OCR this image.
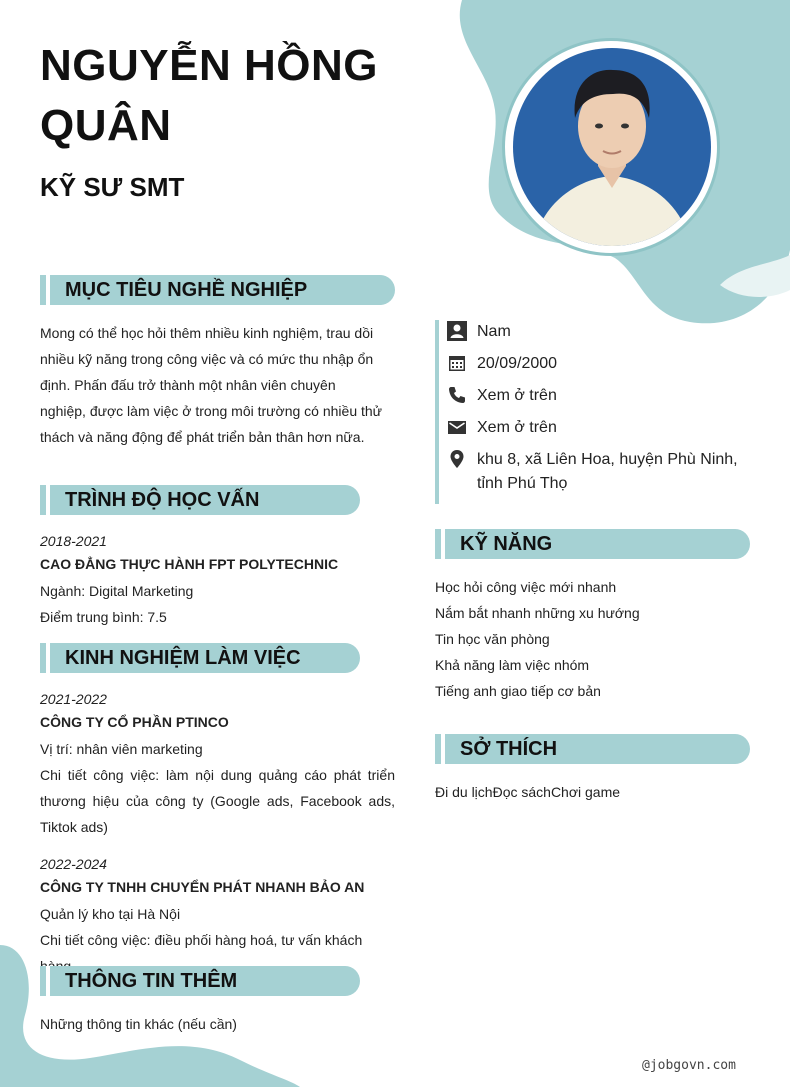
NGUYỄN HỒNG QUÂN
KỸ SƯ SMT
MỤC TIÊU NGHỀ NGHIỆP
Mong có thể học hỏi thêm nhiều kinh nghiệm, trau dồi nhiều kỹ năng trong công việc và có mức thu nhập ổn định. Phấn đấu trở thành một nhân viên chuyên nghiệp, được làm việc ở trong môi trường có nhiều thử thách và năng động để phát triển bản thân hơn nữa.
TRÌNH ĐỘ HỌC VẤN
2018-2021
CAO ĐẲNG THỰC HÀNH FPT POLYTECHNIC
Ngành: Digital Marketing
Điểm trung bình: 7.5
KINH NGHIỆM LÀM VIỆC
2021-2022
CÔNG TY CỔ PHẦN PTINCO
Vị trí: nhân viên marketing
Chi tiết công việc: làm nội dung quảng cáo phát triển thương hiệu của công ty (Google ads, Facebook ads, Tiktok ads)
2022-2024
CÔNG TY TNHH CHUYỂN PHÁT NHANH BẢO AN
Quản lý kho tại Hà Nội
Chi tiết công việc: điều phối hàng hoá, tư vấn khách
THÔNG TIN THÊM
Những thông tin khác (nếu cần)
Nam
20/09/2000
Xem ở trên
Xem ở trên
khu 8, xã Liên Hoa, huyện Phù Ninh, tỉnh Phú Thọ
KỸ NĂNG
Học hỏi công việc mới nhanh
Nắm bắt nhanh những xu hướng
Tin học văn phòng
Khả năng làm việc nhóm
Tiếng anh giao tiếp cơ bản
SỞ THÍCH
Đi du lịchĐọc sáchChơi game
@jobgovn.com
